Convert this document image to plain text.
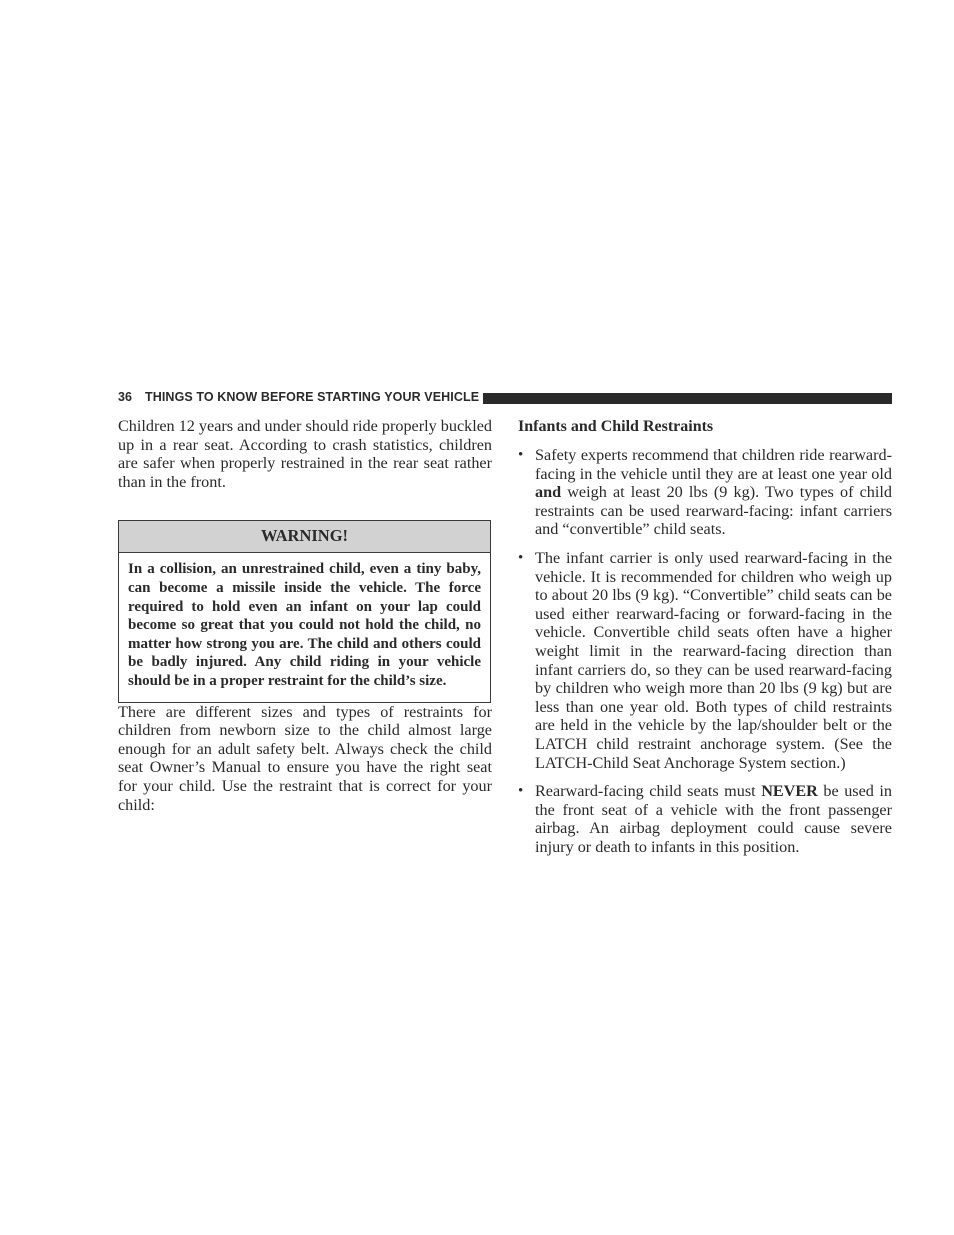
36 THINGS TO KNOW BEFORE STARTING YOUR VEHICLE

Children 12 years and under should ride properly buckled up in a rear seat. According to crash statistics, children are safer when properly restrained in the rear seat rather than in the front.

WARNING!
In a collision, an unrestrained child, even a tiny baby, can become a missile inside the vehicle. The force required to hold even an infant on your lap could become so great that you could not hold the child, no matter how strong you are. The child and others could be badly injured. Any child riding in your vehicle should be in a proper restraint for the child’s size.

There are different sizes and types of restraints for children from newborn size to the child almost large enough for an adult safety belt. Always check the child seat Owner’s Manual to ensure you have the right seat for your child. Use the restraint that is correct for your child:

Infants and Child Restraints
• Safety experts recommend that children ride rearward-facing in the vehicle until they are at least one year old and weigh at least 20 lbs (9 kg). Two types of child restraints can be used rearward-facing: infant carriers and “convertible” child seats.

• The infant carrier is only used rearward-facing in the vehicle. It is recommended for children who weigh up to about 20 lbs (9 kg). “Convertible” child seats can be used either rearward-facing or forward-facing in the vehicle. Convertible child seats often have a higher weight limit in the rearward-facing direction than infant carriers do, so they can be used rearward-facing by children who weigh more than 20 lbs (9 kg) but are less than one year old. Both types of child restraints are held in the vehicle by the lap/shoulder belt or the LATCH child restraint anchorage system. (See the LATCH-Child Seat Anchorage System section.)

• Rearward-facing child seats must NEVER be used in the front seat of a vehicle with the front passenger airbag. An airbag deployment could cause severe injury or death to infants in this position.
